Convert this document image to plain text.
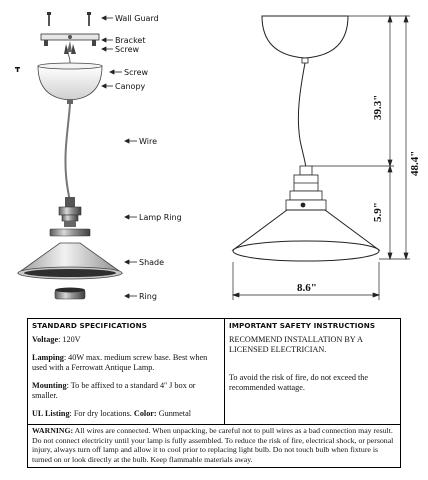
Wall Guard
Bracket
Screw
Screw
Canopy
Wire
Lamp Ring
Shade
Ring
39.3"
5.9"
48.4"
8.6"
STANDARD SPECIFICATIONS
Voltage: 120V
Lamping: 40W max. medium screw base. Best when used with a Ferrowatt Antique Lamp.
Mounting: To be affixed to a standard 4'' J box or smaller.
UL Listing: For dry locations. Color: Gunmetal
IMPORTANT SAFETY INSTRUCTIONS
RECOMMEND INSTALLATION BY A LICENSED ELECTRICIAN.
To avoid the risk of fire, do not exceed the recommended wattage.
WARNING: All wires are connected. When unpacking, be careful not to pull wires as a bad connection may result. Do not connect electricity until your lamp is fully assembled. To reduce the risk of fire, electrical shock, or personal injury, always turn off lamp and allow it to cool prior to replacing light bulb. Do not touch bulb when fixture is turned on or look directly at the bulb. Keep flammable materials away.
